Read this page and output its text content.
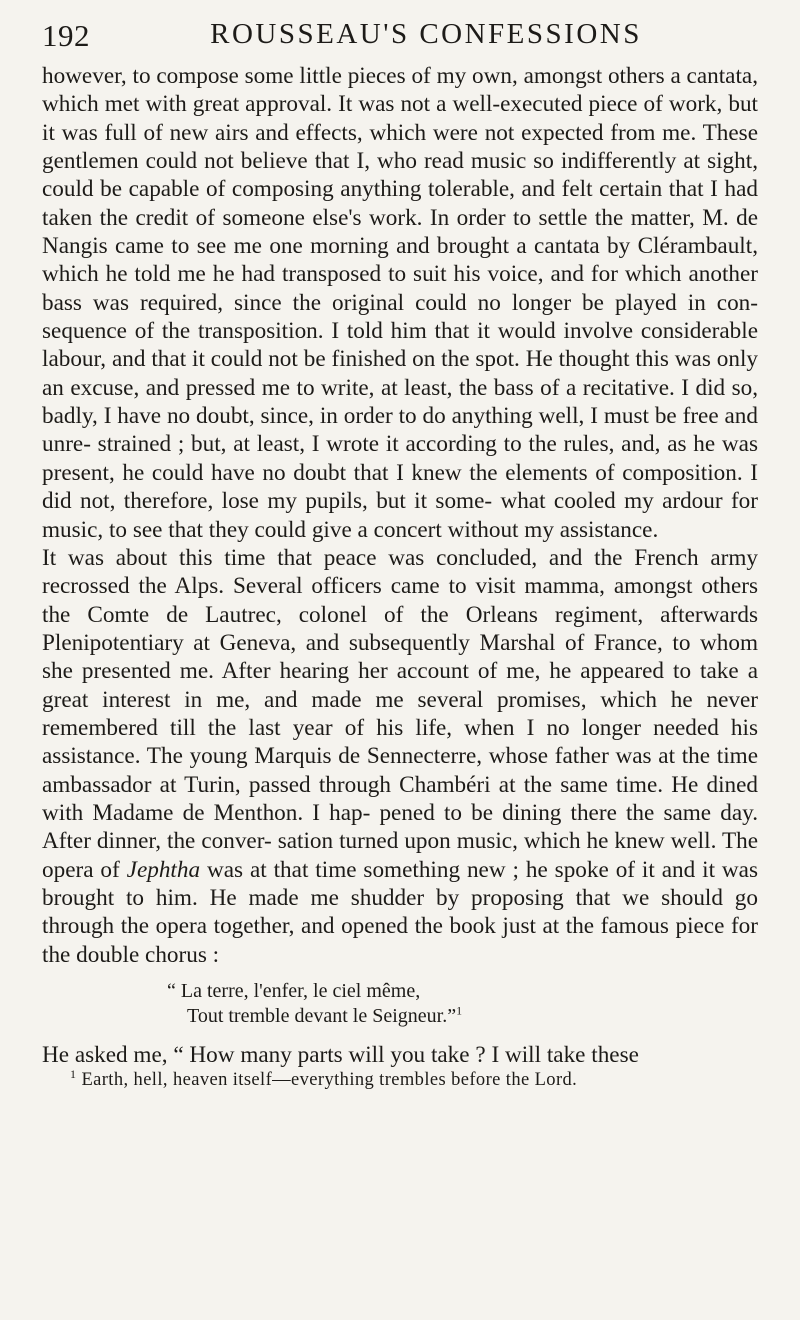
192	ROUSSEAU'S CONFESSIONS

however, to compose some little pieces of my own, amongst others a cantata, which met with great approval. It was not a well-executed piece of work, but it was full of new airs and effects, which were not expected from me. These gentlemen could not believe that I, who read music so indifferently at sight, could be capable of composing anything tolerable, and felt certain that I had taken the credit of someone else's work. In order to settle the matter, M. de Nangis came to see me one morning and brought a cantata by Clérambault, which he told me he had transposed to suit his voice, and for which another bass was required, since the original could no longer be played in con- sequence of the transposition. I told him that it would involve considerable labour, and that it could not be finished on the spot. He thought this was only an excuse, and pressed me to write, at least, the bass of a recitative. I did so, badly, I have no doubt, since, in order to do anything well, I must be free and unre- strained ; but, at least, I wrote it according to the rules, and, as he was present, he could have no doubt that I knew the elements of composition. I did not, therefore, lose my pupils, but it some- what cooled my ardour for music, to see that they could give a concert without my assistance.

It was about this time that peace was concluded, and the French army recrossed the Alps. Several officers came to visit mamma, amongst others the Comte de Lautrec, colonel of the Orleans regiment, afterwards Plenipotentiary at Geneva, and subsequently Marshal of France, to whom she presented me. After hearing her account of me, he appeared to take a great interest in me, and made me several promises, which he never remembered till the last year of his life, when I no longer needed his assistance. The young Marquis de Sennecterre, whose father was at the time ambassador at Turin, passed through Chambéri at the same time. He dined with Madame de Menthon. I hap- pened to be dining there the same day. After dinner, the conver- sation turned upon music, which he knew well. The opera of Jephtha was at that time something new ; he spoke of it and it was brought to him. He made me shudder by proposing that we should go through the opera together, and opened the book just at the famous piece for the double chorus :

“ La terre, l'enfer, le ciel même,
Tout tremble devant le Seigneur.”$^1$

He asked me, “ How many parts will you take ? I will take these

$^1$ Earth, hell, heaven itself—everything trembles before the Lord.
